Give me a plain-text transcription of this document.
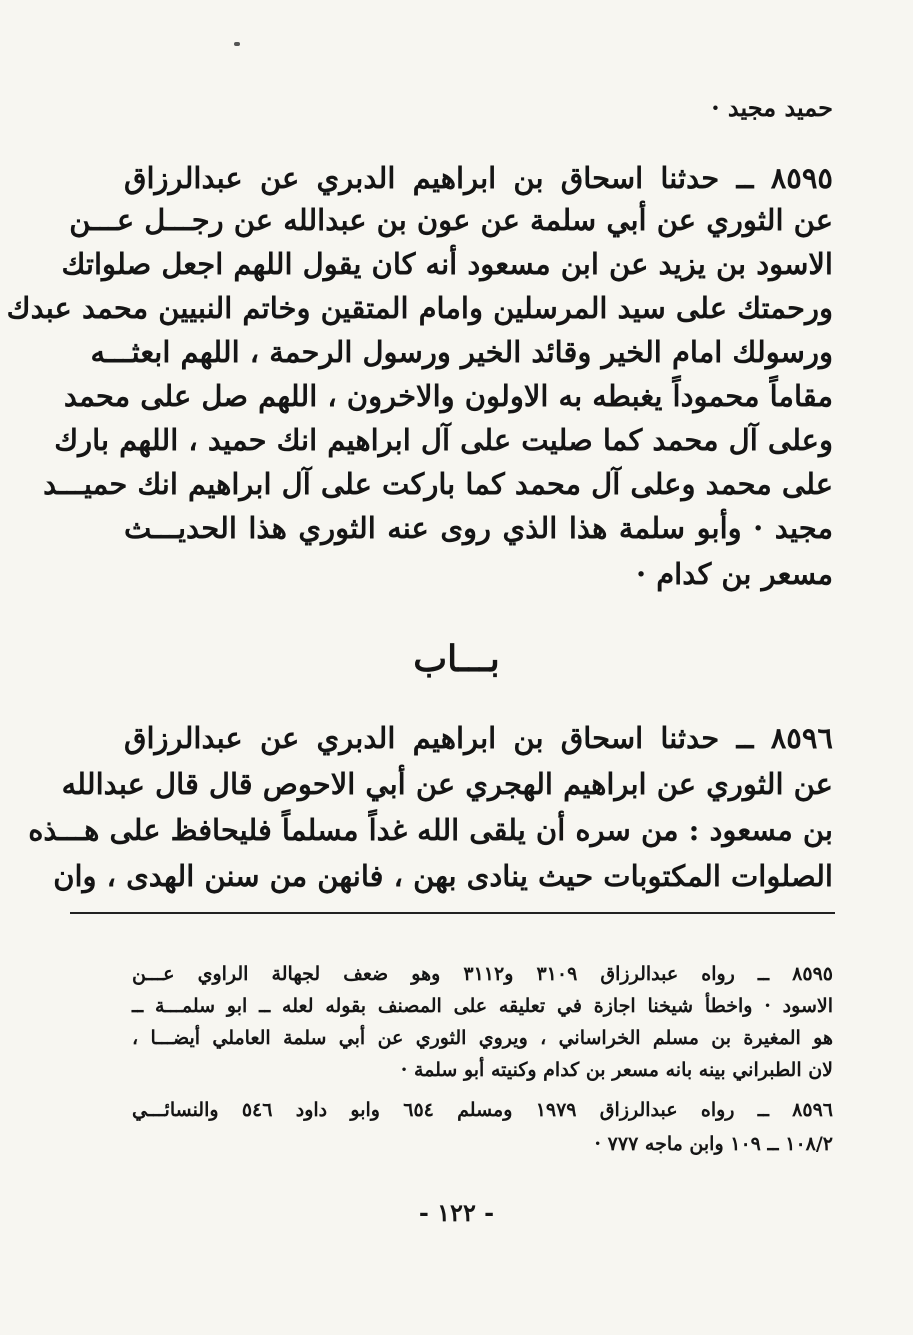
حميد مجيد ·
٨٥٩٥ ــ حدثنا اسحاق بن ابراهيم الدبري عن عبدالرزاق
عن الثوري عن أبي سلمة عن عون بن عبدالله عن رجـــل عـــن
الاسود بن يزيد عن ابن مسعود أنه كان يقول اللهم اجعل صلواتك
ورحمتك على سيد المرسلين وامام المتقين وخاتم النبيين محمد عبدك
ورسولك امام الخير وقائد الخير ورسول الرحمة ، اللهم ابعثـــه
مقاماً محموداً يغبطه به الاولون والاخرون ، اللهم صل على محمد
وعلى آل محمد كما صليت على آل ابراهيم انك حميد ، اللهم بارك
على محمد وعلى آل محمد كما باركت على آل ابراهيم انك حميـــد
مجيد · وأبو سلمة هذا الذي روى عنه الثوري هذا الحديـــث
مسعر بن كدام ·
بـــاب
٨٥٩٦ ــ حدثنا اسحاق بن ابراهيم الدبري عن عبدالرزاق
عن الثوري عن ابراهيم الهجري عن أبي الاحوص قال قال عبدالله
بن مسعود : من سره أن يلقى الله غداً مسلماً فليحافظ على هـــذه
الصلوات المكتوبات حيث ينادى بهن ، فانهن من سنن الهدى ، وان
٨٥٩٥ ــ رواه عبدالرزاق ٣١٠٩ و٣١١٢ وهو ضعف لجهالة الراوي عـــن
الاسود · واخطأ شيخنا اجازة في تعليقه على المصنف بقوله لعله ــ ابو سلمـــة ــ
هو المغيرة بن مسلم الخراساني ، ويروي الثوري عن أبي سلمة العاملي أيضـــا ،
لان الطبراني بينه بانه مسعر بن كدام وكنيته أبو سلمة ·
٨٥٩٦ ــ رواه عبدالرزاق ١٩٧٩ ومسلم ٦٥٤ وابو داود ٥٤٦ والنسائـــي
١٠٨/٢ ــ ١٠٩ وابن ماجه ٧٧٧ ·
- ١٢٢ -
